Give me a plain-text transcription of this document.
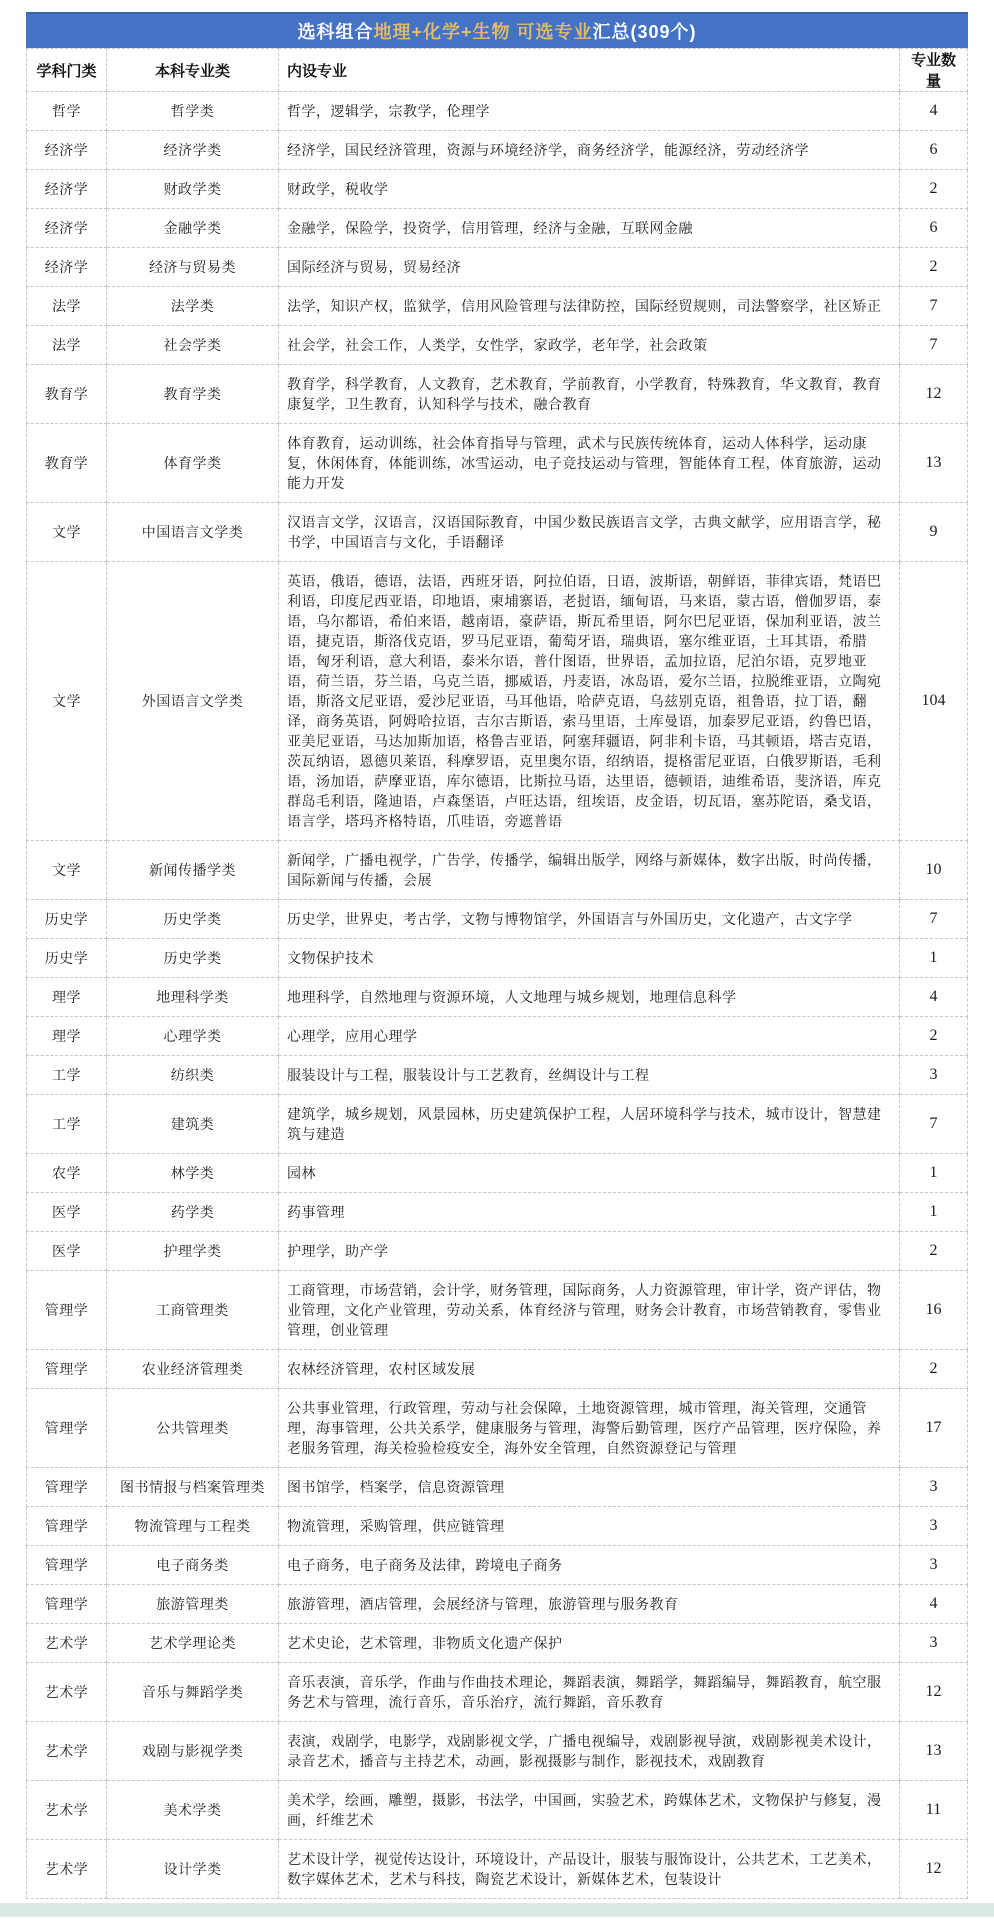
选科组合 地理+化学+生物 可选专业 汇总(309个)
学科门类	本科专业类	内设专业	专业数量
哲学	哲学类	哲学，逻辑学，宗教学，伦理学	4
经济学	经济学类	经济学，国民经济管理，资源与环境经济学，商务经济学，能源经济，劳动经济学	6
经济学	财政学类	财政学，税收学	2
经济学	金融学类	金融学，保险学，投资学，信用管理，经济与金融，互联网金融	6
经济学	经济与贸易类	国际经济与贸易，贸易经济	2
法学	法学类	法学，知识产权，监狱学，信用风险管理与法律防控，国际经贸规则，司法警察学，社区矫正	7
法学	社会学类	社会学，社会工作，人类学，女性学，家政学，老年学，社会政策	7
教育学	教育学类	教育学，科学教育，人文教育，艺术教育，学前教育，小学教育，特殊教育，华文教育，教育康复学，卫生教育，认知科学与技术，融合教育	12
教育学	体育学类	体育教育，运动训练，社会体育指导与管理，武术与民族传统体育，运动人体科学，运动康复，休闲体育，体能训练，冰雪运动，电子竞技运动与管理，智能体育工程，体育旅游，运动能力开发	13
文学	中国语言文学类	汉语言文学，汉语言，汉语国际教育，中国少数民族语言文学，古典文献学，应用语言学，秘书学，中国语言与文化，手语翻译	9
文学	外国语言文学类	英语，俄语，德语，法语，西班牙语，阿拉伯语，日语，波斯语，朝鲜语，菲律宾语，梵语巴利语，印度尼西亚语，印地语，柬埔寨语，老挝语，缅甸语，马来语，蒙古语，僧伽罗语，泰语，乌尔都语，希伯来语，越南语，豪萨语，斯瓦希里语，阿尔巴尼亚语，保加利亚语，波兰语，捷克语，斯洛伐克语，罗马尼亚语，葡萄牙语，瑞典语，塞尔维亚语，土耳其语，希腊语，匈牙利语，意大利语，泰米尔语，普什图语，世界语，孟加拉语，尼泊尔语，克罗地亚语，荷兰语，芬兰语，乌克兰语，挪威语，丹麦语，冰岛语，爱尔兰语，拉脱维亚语，立陶宛语，斯洛文尼亚语，爱沙尼亚语，马耳他语，哈萨克语，乌兹别克语，祖鲁语，拉丁语，翻译，商务英语，阿姆哈拉语，吉尔吉斯语，索马里语，土库曼语，加泰罗尼亚语，约鲁巴语，亚美尼亚语，马达加斯加语，格鲁吉亚语，阿塞拜疆语，阿非利卡语，马其顿语，塔吉克语，茨瓦纳语，恩德贝莱语，科摩罗语，克里奥尔语，绍纳语，提格雷尼亚语，白俄罗斯语，毛利语，汤加语，萨摩亚语，库尔德语，比斯拉马语，达里语，德顿语，迪维希语，斐济语，库克群岛毛利语，隆迪语，卢森堡语，卢旺达语，纽埃语，皮金语，切瓦语，塞苏陀语，桑戈语，语言学，塔玛齐格特语，爪哇语，旁遮普语	104
文学	新闻传播学类	新闻学，广播电视学，广告学，传播学，编辑出版学，网络与新媒体，数字出版，时尚传播，国际新闻与传播，会展	10
历史学	历史学类	历史学，世界史，考古学，文物与博物馆学，外国语言与外国历史，文化遗产，古文字学	7
历史学	历史学类	文物保护技术	1
理学	地理科学类	地理科学，自然地理与资源环境，人文地理与城乡规划，地理信息科学	4
理学	心理学类	心理学，应用心理学	2
工学	纺织类	服装设计与工程，服装设计与工艺教育，丝绸设计与工程	3
工学	建筑类	建筑学，城乡规划，风景园林，历史建筑保护工程，人居环境科学与技术，城市设计，智慧建筑与建造	7
农学	林学类	园林	1
医学	药学类	药事管理	1
医学	护理学类	护理学，助产学	2
管理学	工商管理类	工商管理，市场营销，会计学，财务管理，国际商务，人力资源管理，审计学，资产评估，物业管理，文化产业管理，劳动关系，体育经济与管理，财务会计教育，市场营销教育，零售业管理，创业管理	16
管理学	农业经济管理类	农林经济管理，农村区域发展	2
管理学	公共管理类	公共事业管理，行政管理，劳动与社会保障，土地资源管理，城市管理，海关管理，交通管理，海事管理，公共关系学，健康服务与管理，海警后勤管理，医疗产品管理，医疗保险，养老服务管理，海关检验检疫安全，海外安全管理，自然资源登记与管理	17
管理学	图书情报与档案管理类	图书馆学，档案学，信息资源管理	3
管理学	物流管理与工程类	物流管理，采购管理，供应链管理	3
管理学	电子商务类	电子商务，电子商务及法律，跨境电子商务	3
管理学	旅游管理类	旅游管理，酒店管理，会展经济与管理，旅游管理与服务教育	4
艺术学	艺术学理论类	艺术史论，艺术管理，非物质文化遗产保护	3
艺术学	音乐与舞蹈学类	音乐表演，音乐学，作曲与作曲技术理论，舞蹈表演，舞蹈学，舞蹈编导，舞蹈教育，航空服务艺术与管理，流行音乐，音乐治疗，流行舞蹈，音乐教育	12
艺术学	戏剧与影视学类	表演，戏剧学，电影学，戏剧影视文学，广播电视编导，戏剧影视导演，戏剧影视美术设计，录音艺术，播音与主持艺术，动画，影视摄影与制作，影视技术，戏剧教育	13
艺术学	美术学类	美术学，绘画，雕塑，摄影，书法学，中国画，实验艺术，跨媒体艺术，文物保护与修复，漫画，纤维艺术	11
艺术学	设计学类	艺术设计学，视觉传达设计，环境设计，产品设计，服装与服饰设计，公共艺术，工艺美术，数字媒体艺术，艺术与科技，陶瓷艺术设计，新媒体艺术，包装设计	12
